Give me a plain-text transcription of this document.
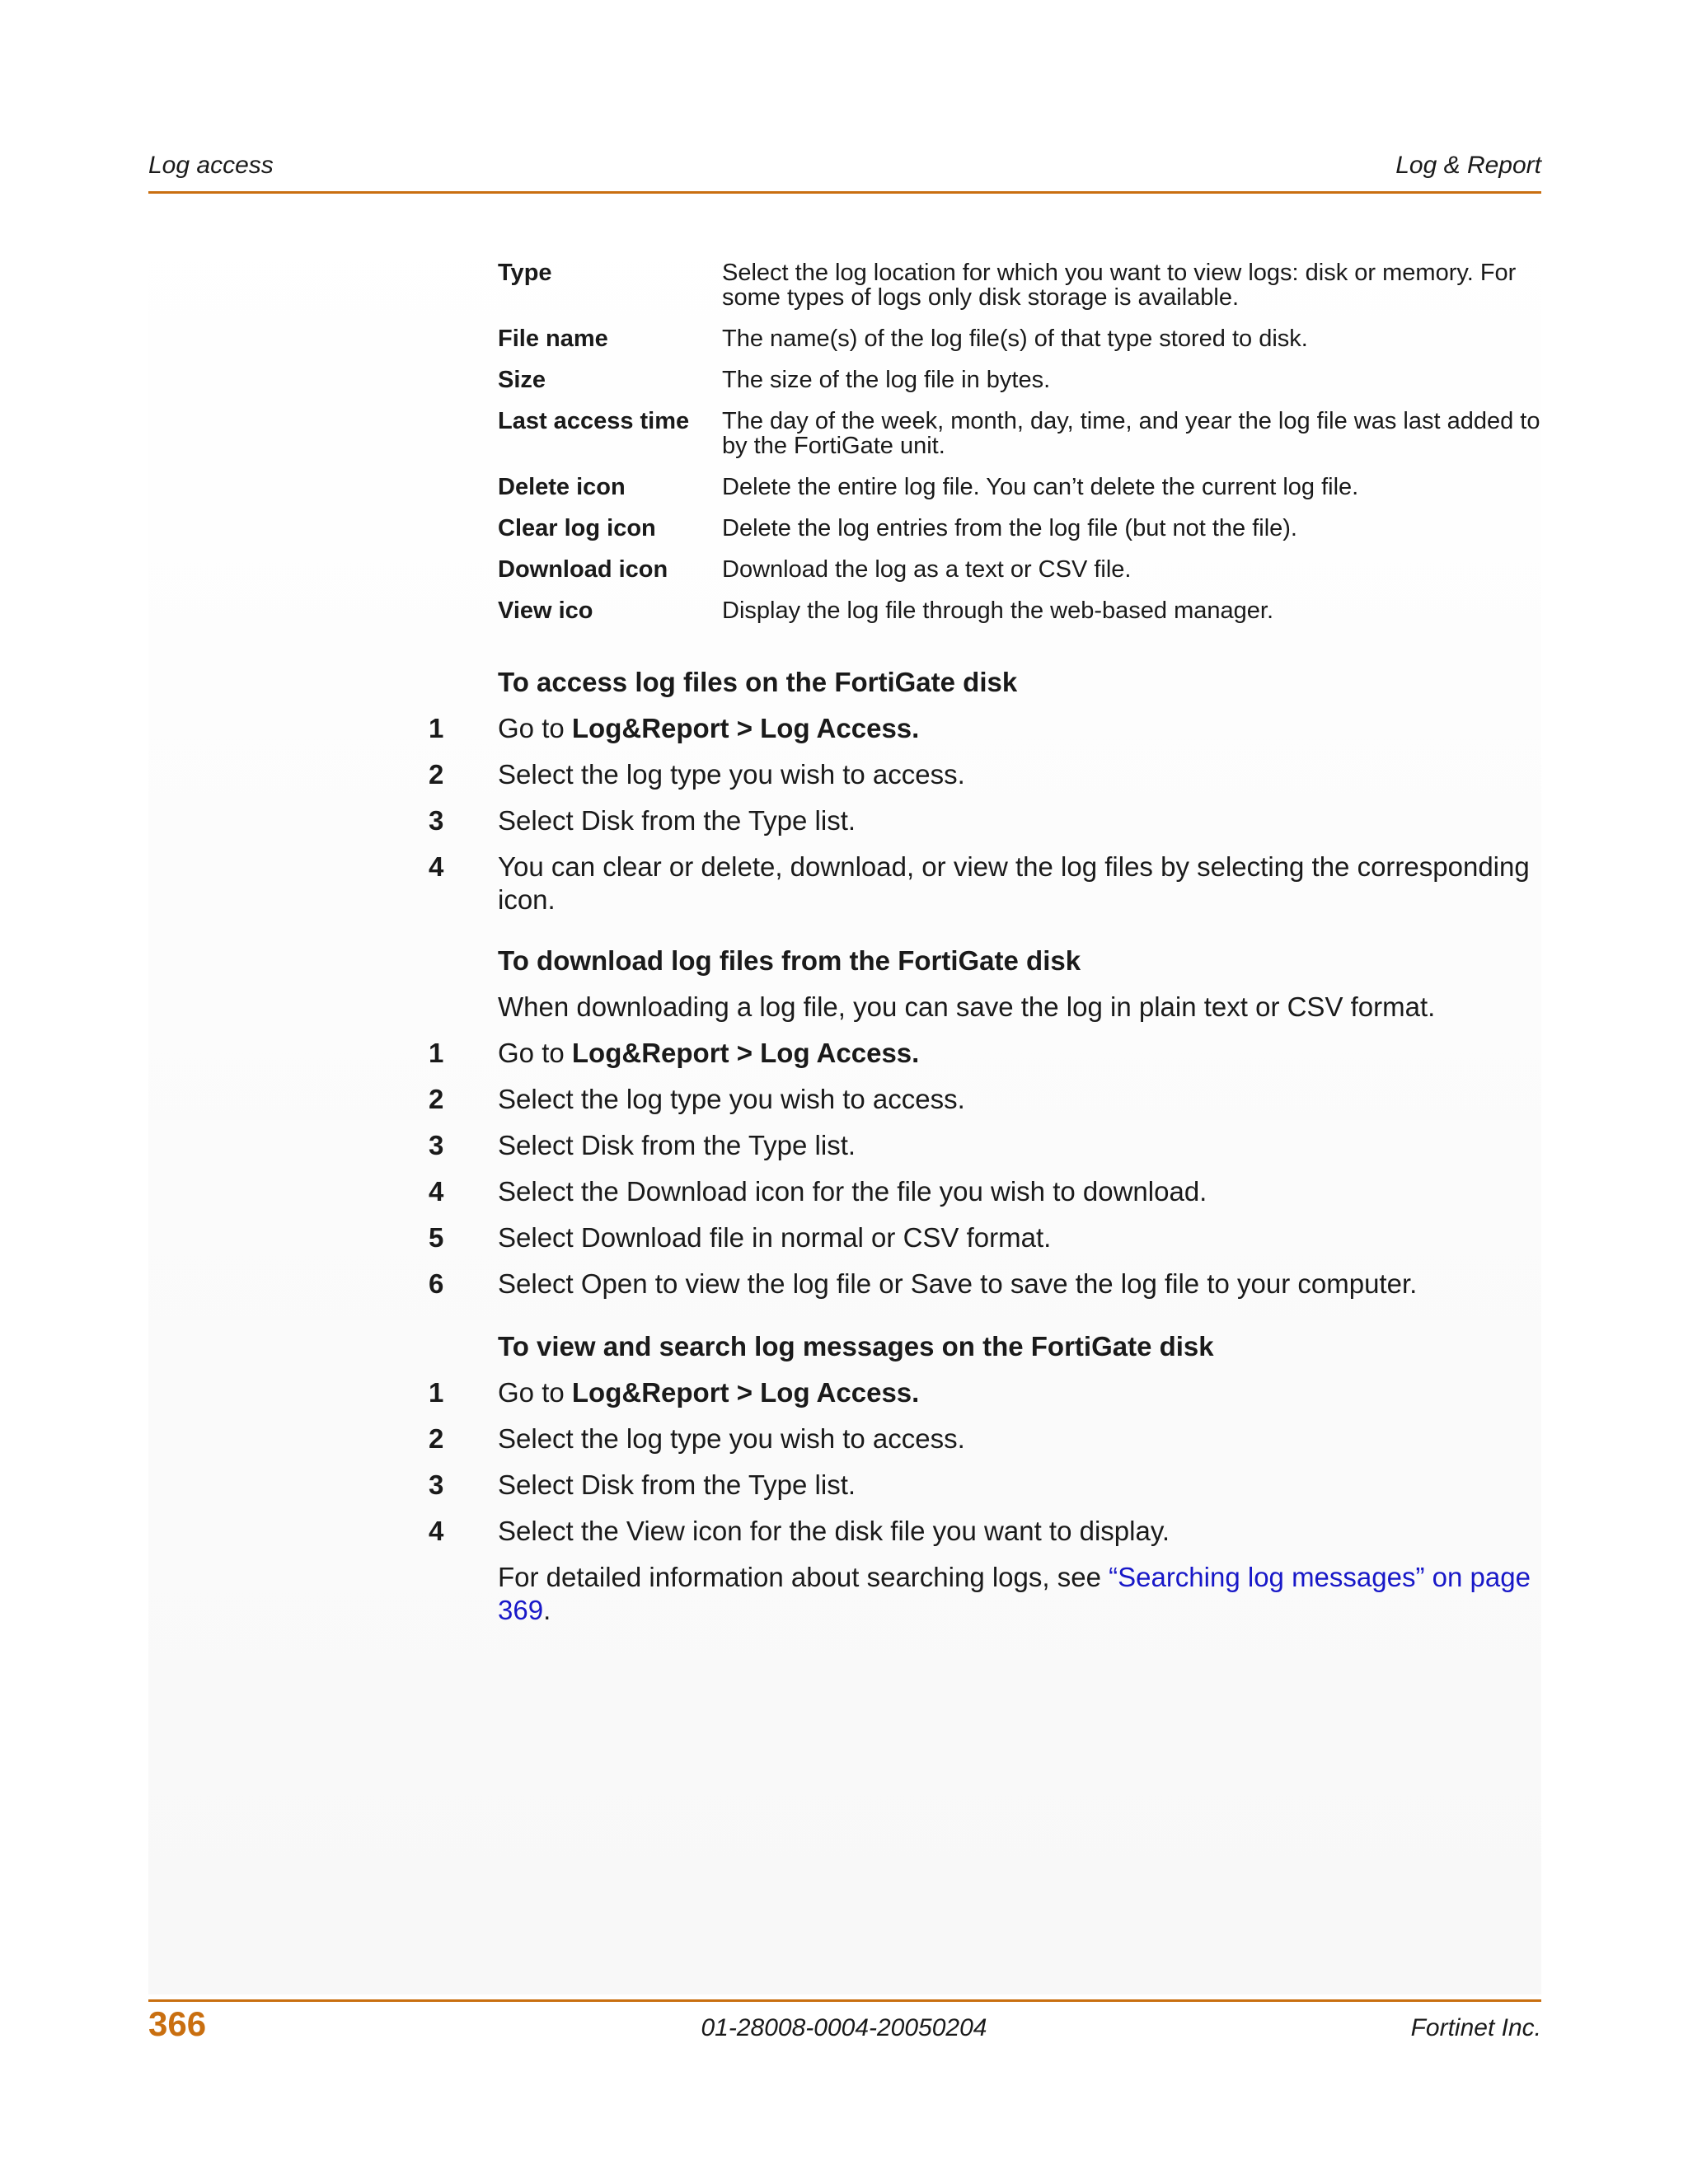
Log access	Log & Report
Type	Select the log location for which you want to view logs: disk or memory. For some types of logs only disk storage is available.
File name	The name(s) of the log file(s) of that type stored to disk.
Size	The size of the log file in bytes.
Last access time	The day of the week, month, day, time, and year the log file was last added to by the FortiGate unit.
Delete icon	Delete the entire log file. You can’t delete the current log file.
Clear log icon	Delete the log entries from the log file (but not the file).
Download icon	Download the log as a text or CSV file.
View ico	Display the log file through the web-based manager.
To access log files on the FortiGate disk
1	Go to Log&Report > Log Access.
2	Select the log type you wish to access.
3	Select Disk from the Type list.
4	You can clear or delete, download, or view the log files by selecting the corresponding icon.
To download log files from the FortiGate disk
When downloading a log file, you can save the log in plain text or CSV format.
1	Go to Log&Report > Log Access.
2	Select the log type you wish to access.
3	Select Disk from the Type list.
4	Select the Download icon for the file you wish to download.
5	Select Download file in normal or CSV format.
6	Select Open to view the log file or Save to save the log file to your computer.
To view and search log messages on the FortiGate disk
1	Go to Log&Report > Log Access.
2	Select the log type you wish to access.
3	Select Disk from the Type list.
4	Select the View icon for the disk file you want to display.
For detailed information about searching logs, see “Searching log messages” on page 369.
366	01-28008-0004-20050204	Fortinet Inc.
